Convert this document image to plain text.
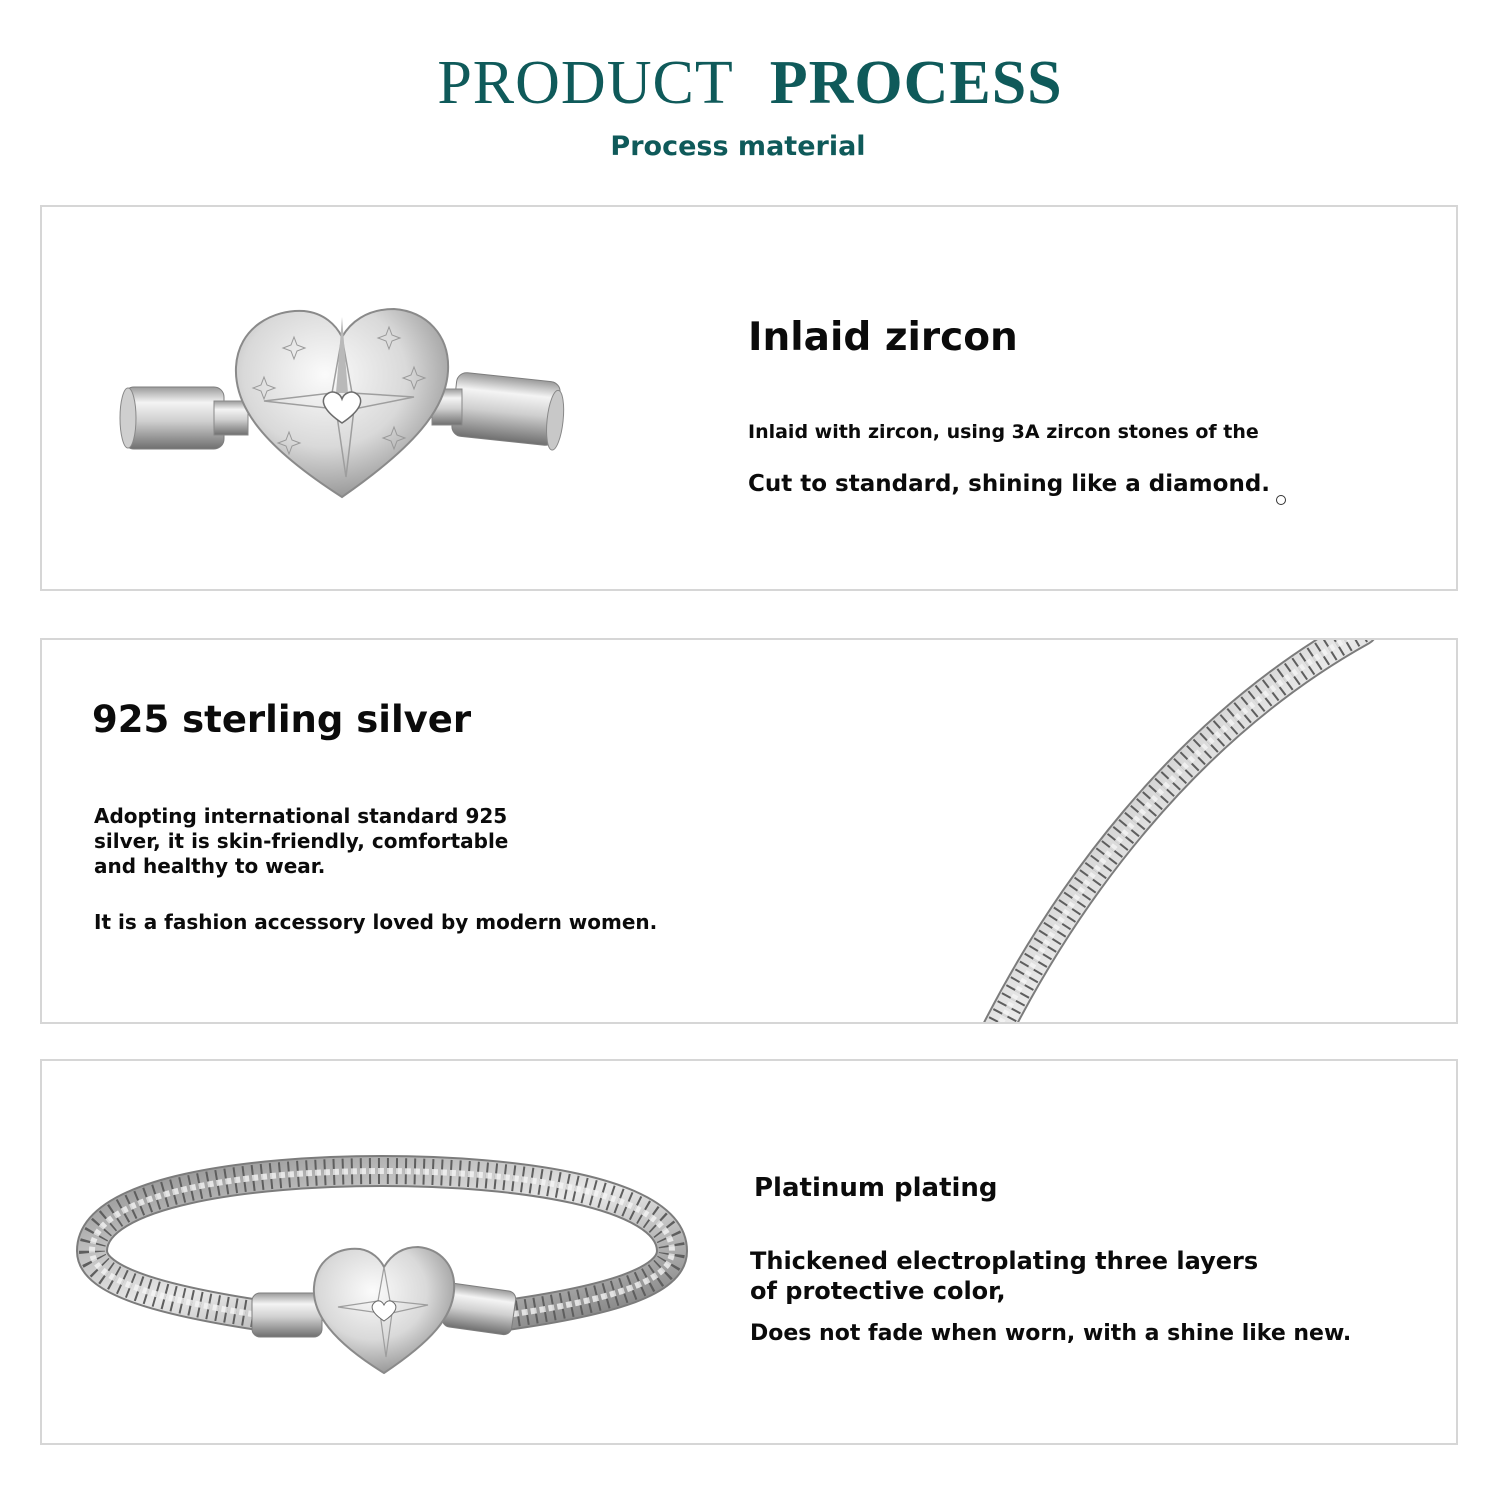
PRODUCT PROCESS
Process material
Inlaid zircon
Inlaid with zircon, using 3A zircon stones of the
Cut to standard, shining like a diamond.
925 sterling silver
Adopting international standard 925
silver, it is skin-friendly, comfortable
and healthy to wear.
It is a fashion accessory loved by modern women.
Platinum plating
Thickened electroplating three layers
of protective color,
Does not fade when worn, with a shine like new.
